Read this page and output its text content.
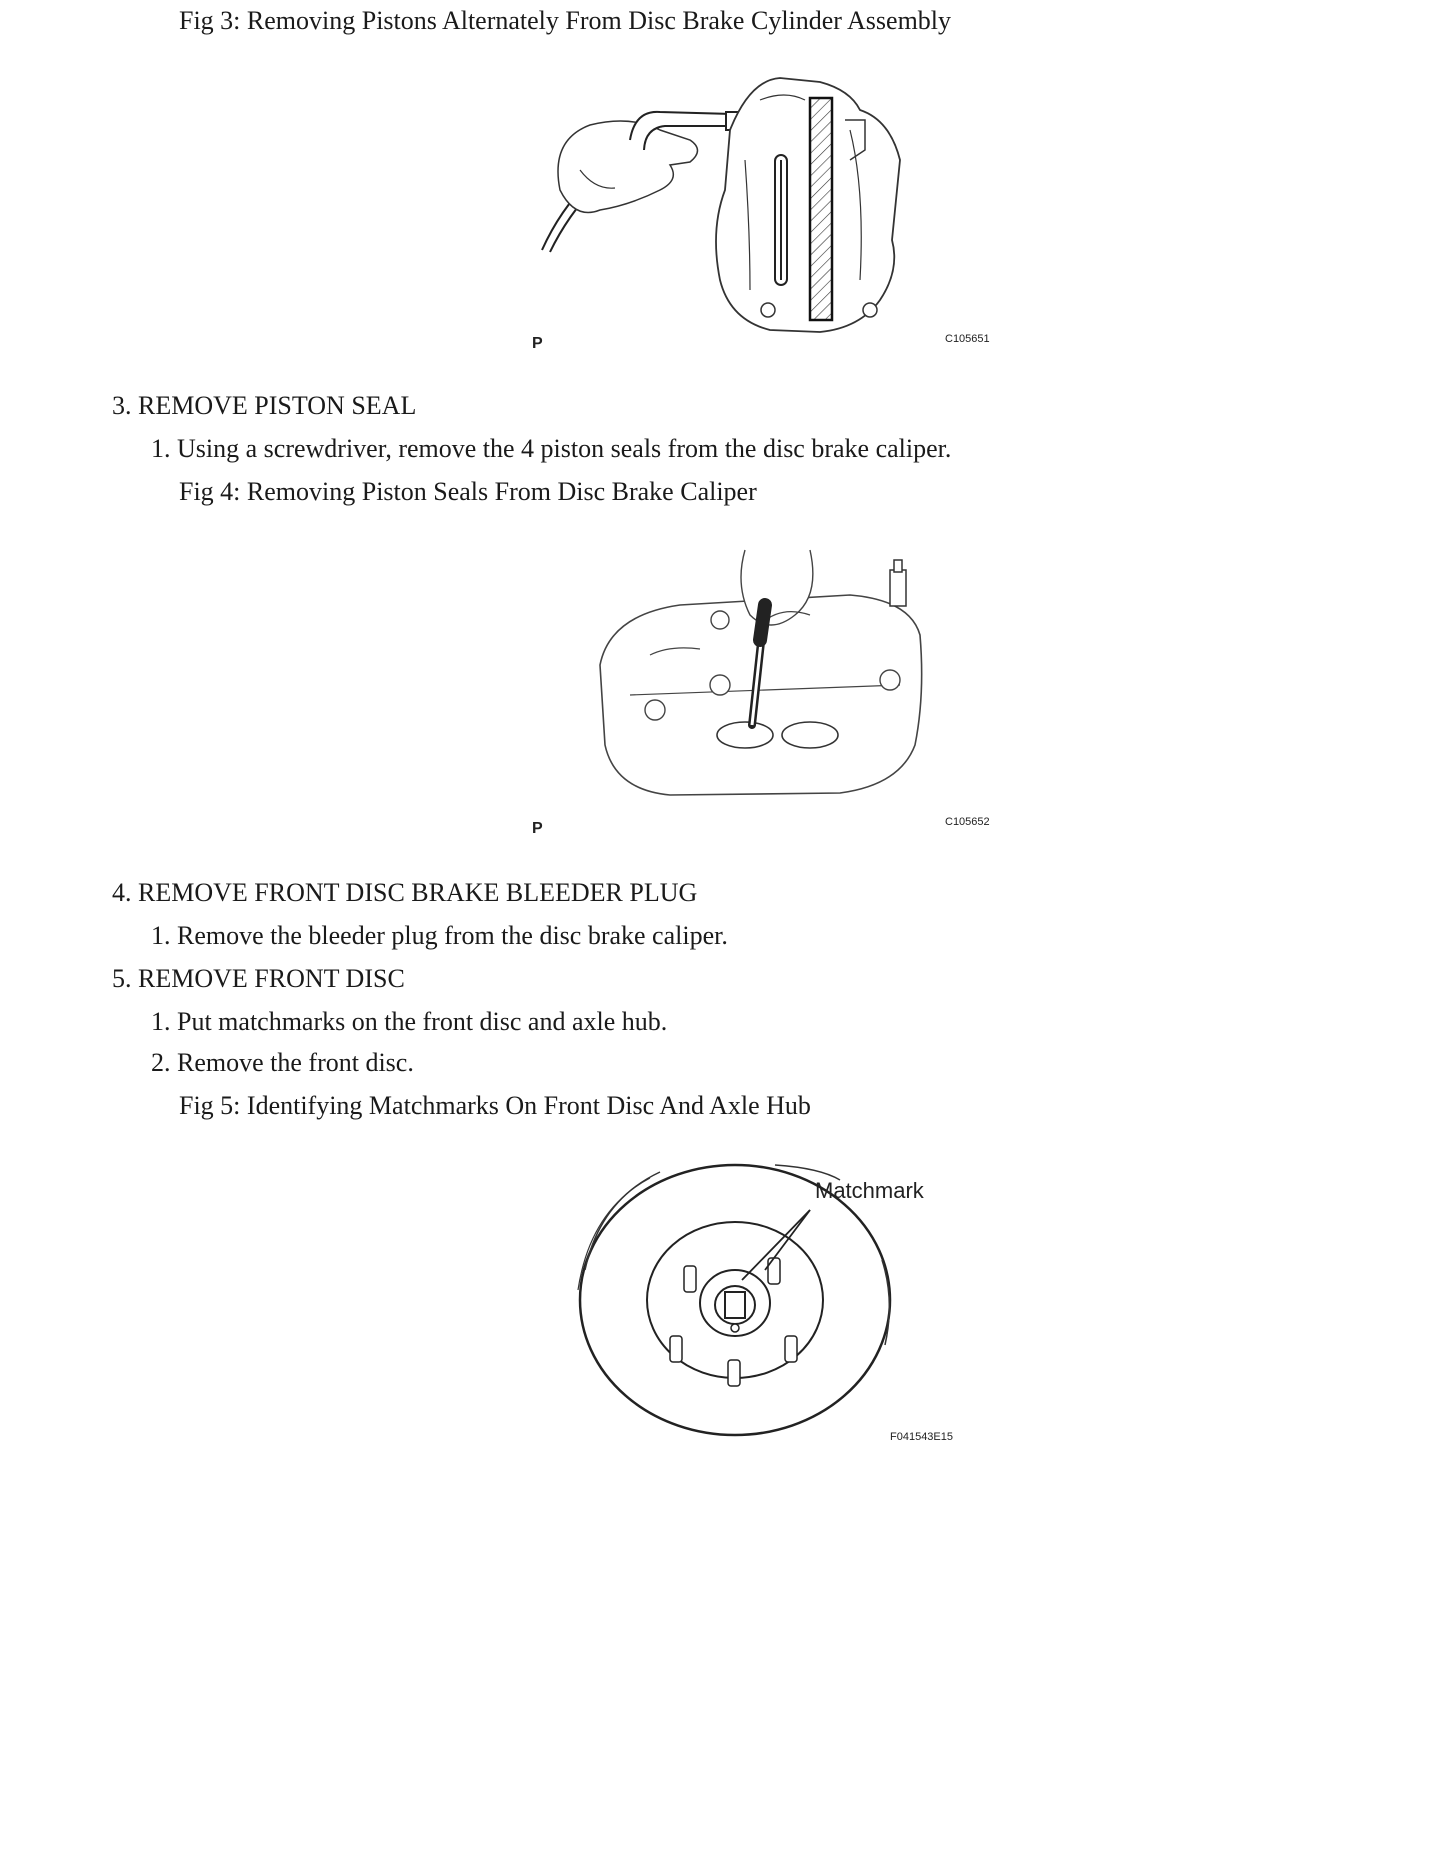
Fig 3: Removing Pistons Alternately From Disc Brake Cylinder Assembly
P	C105651
3. REMOVE PISTON SEAL
1. Using a screwdriver, remove the 4 piston seals from the disc brake caliper.
Fig 4: Removing Piston Seals From Disc Brake Caliper
P	C105652
4. REMOVE FRONT DISC BRAKE BLEEDER PLUG
1. Remove the bleeder plug from the disc brake caliper.
5. REMOVE FRONT DISC
1. Put matchmarks on the front disc and axle hub.
2. Remove the front disc.
Fig 5: Identifying Matchmarks On Front Disc And Axle Hub
Matchmark
F041543E15
